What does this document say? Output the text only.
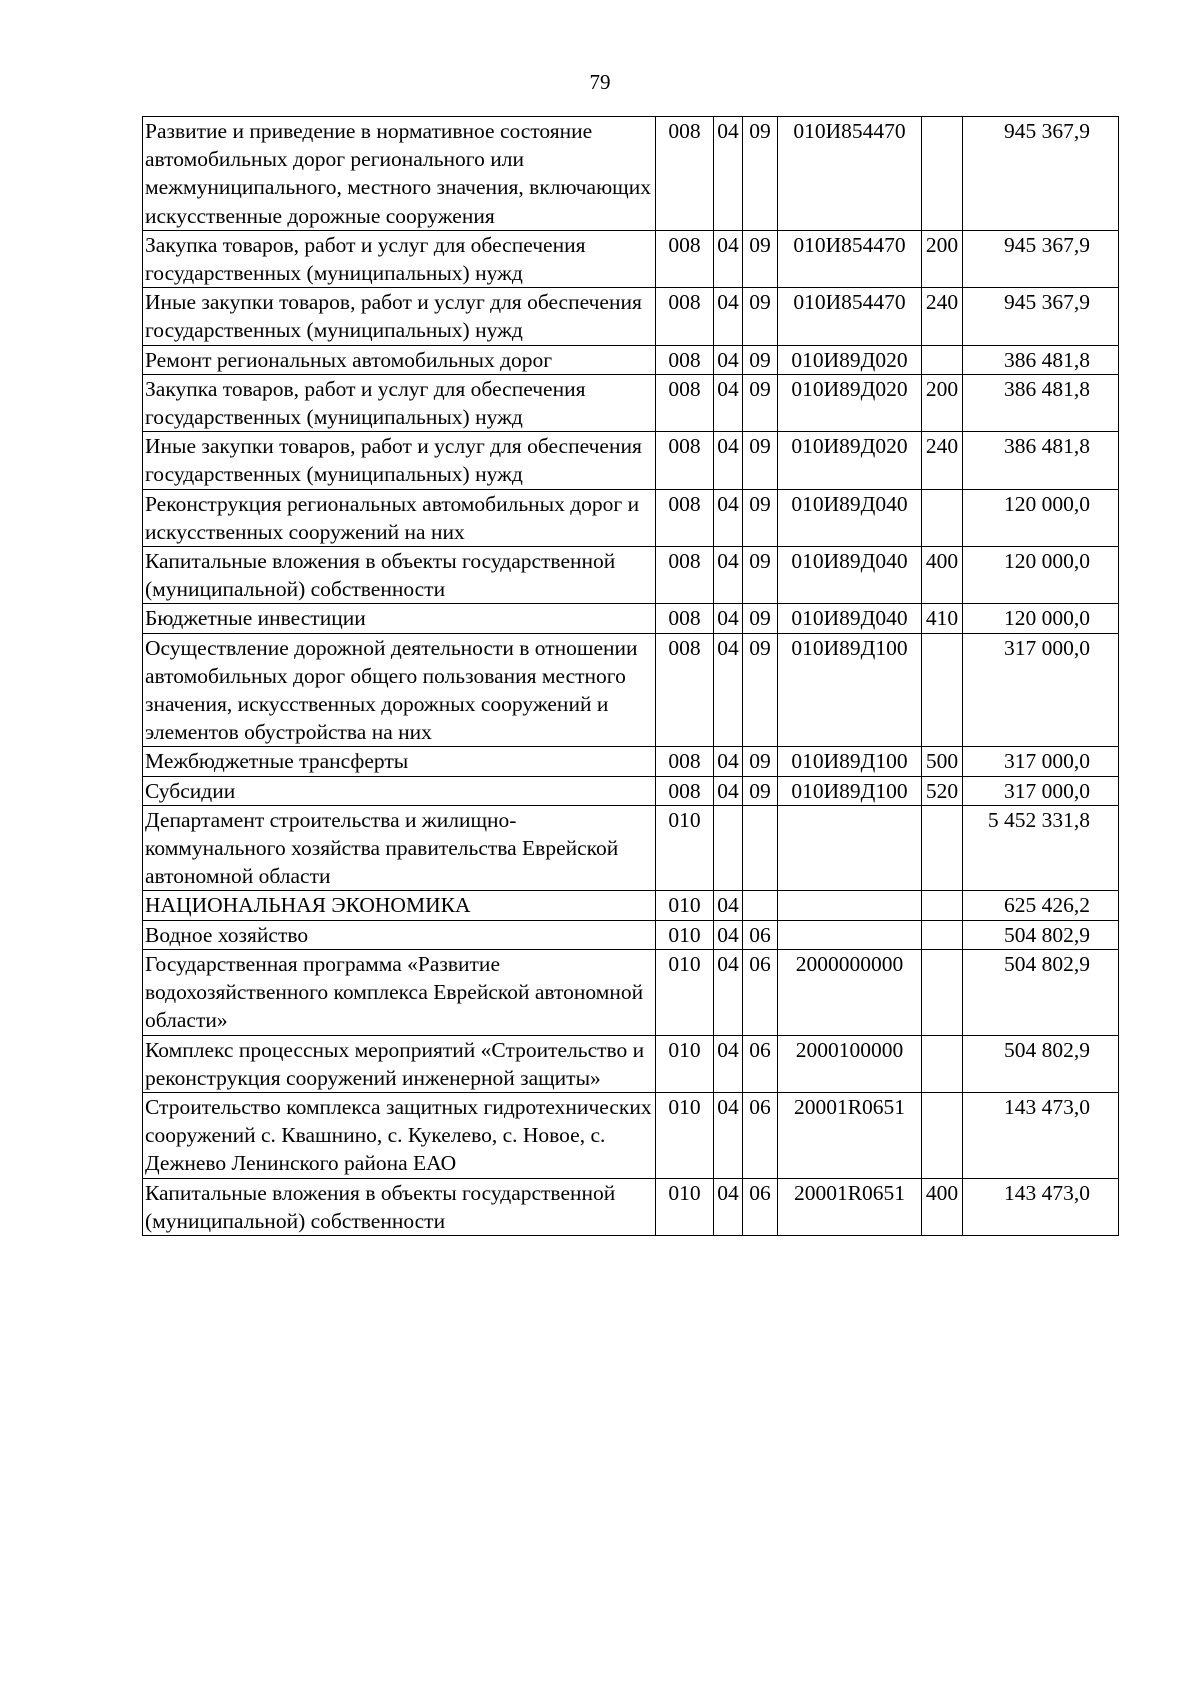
79
Развитие и приведение в нормативное состояние автомобильных дорог регионального или межмуниципального, местного значения, включающих искусственные дорожные сооружения	008	04	09	010И854470		945 367,9
Закупка товаров, работ и услуг для обеспечения государственных (муниципальных) нужд	008	04	09	010И854470	200	945 367,9
Иные закупки товаров, работ и услуг для обеспечения государственных (муниципальных) нужд	008	04	09	010И854470	240	945 367,9
Ремонт региональных автомобильных дорог	008	04	09	010И89Д020		386 481,8
Закупка товаров, работ и услуг для обеспечения государственных (муниципальных) нужд	008	04	09	010И89Д020	200	386 481,8
Иные закупки товаров, работ и услуг для обеспечения государственных (муниципальных) нужд	008	04	09	010И89Д020	240	386 481,8
Реконструкция региональных автомобильных дорог и искусственных сооружений на них	008	04	09	010И89Д040		120 000,0
Капитальные вложения в объекты государственной (муниципальной) собственности	008	04	09	010И89Д040	400	120 000,0
Бюджетные инвестиции	008	04	09	010И89Д040	410	120 000,0
Осуществление дорожной деятельности в отношении автомобильных дорог общего пользования местного значения, искусственных дорожных сооружений и элементов обустройства на них	008	04	09	010И89Д100		317 000,0
Межбюджетные трансферты	008	04	09	010И89Д100	500	317 000,0
Субсидии	008	04	09	010И89Д100	520	317 000,0
Департамент строительства и жилищно-коммунального хозяйства правительства Еврейской автономной области	010					5 452 331,8
НАЦИОНАЛЬНАЯ ЭКОНОМИКА	010	04				625 426,2
Водное хозяйство	010	04	06			504 802,9
Государственная программа «Развитие водохозяйственного комплекса Еврейской автономной области»	010	04	06	2000000000		504 802,9
Комплекс процессных мероприятий «Строительство и реконструкция сооружений инженерной защиты»	010	04	06	2000100000		504 802,9
Строительство комплекса защитных гидротехнических сооружений с. Квашнино, с. Кукелево, с. Новое, с. Дежнево Ленинского района ЕАО	010	04	06	20001R0651		143 473,0
Капитальные вложения в объекты государственной (муниципальной) собственности	010	04	06	20001R0651	400	143 473,0
